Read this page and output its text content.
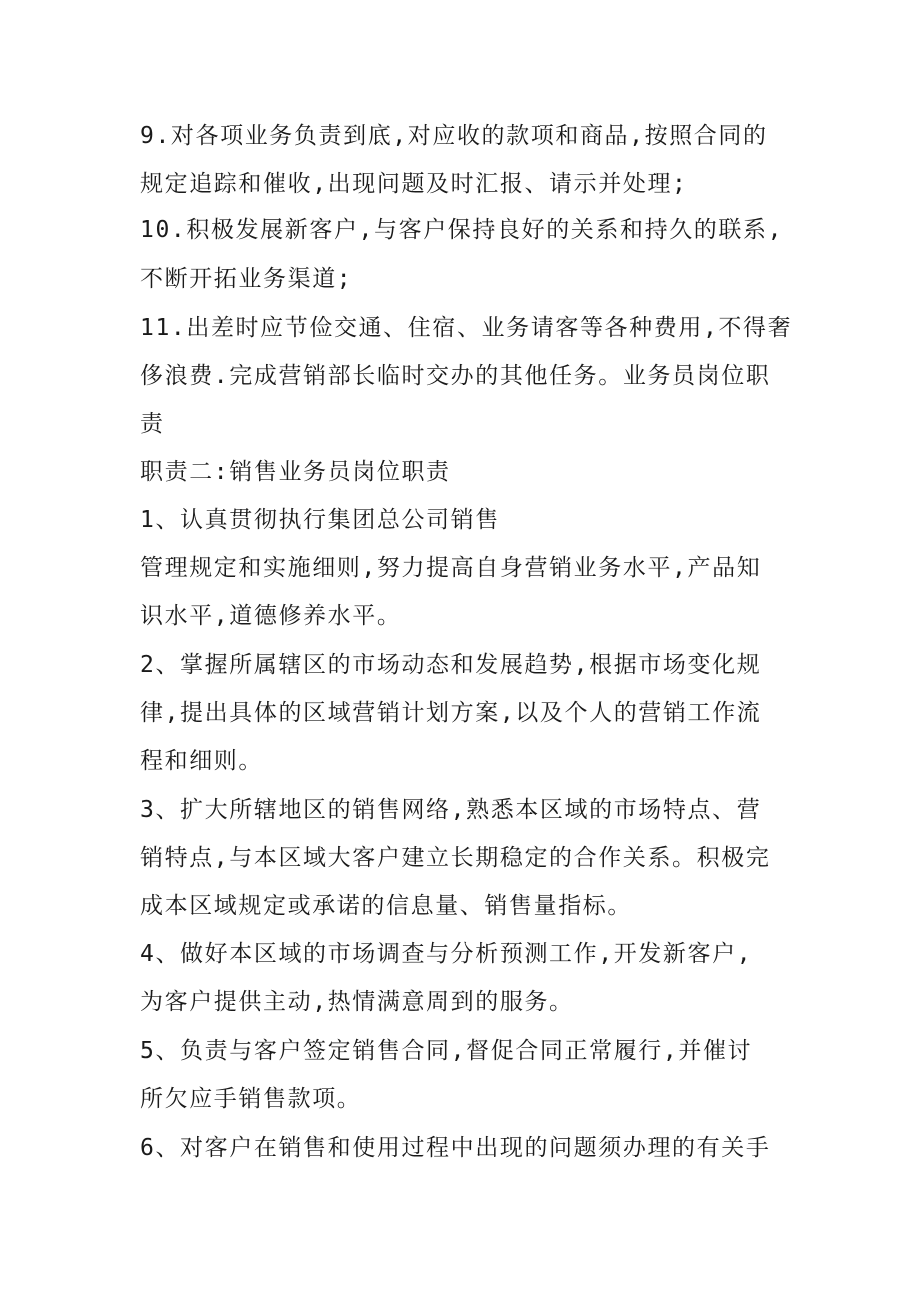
9.对各项业务负责到底,对应收的款项和商品,按照合同的
规定追踪和催收,出现问题及时汇报、请示并处理;
10.积极发展新客户,与客户保持良好的关系和持久的联系,
不断开拓业务渠道;
11.出差时应节俭交通、住宿、业务请客等各种费用,不得奢
侈浪费.完成营销部长临时交办的其他任务。业务员岗位职
责
职责二:销售业务员岗位职责
1、认真贯彻执行集团总公司销售
管理规定和实施细则,努力提高自身营销业务水平,产品知
识水平,道德修养水平。
2、掌握所属辖区的市场动态和发展趋势,根据市场变化规
律,提出具体的区域营销计划方案,以及个人的营销工作流
程和细则。
3、扩大所辖地区的销售网络,熟悉本区域的市场特点、营
销特点,与本区域大客户建立长期稳定的合作关系。积极完
成本区域规定或承诺的信息量、销售量指标。
4、做好本区域的市场调查与分析预测工作,开发新客户,
为客户提供主动,热情满意周到的服务。
5、负责与客户签定销售合同,督促合同正常履行,并催讨
所欠应手销售款项。
6、对客户在销售和使用过程中出现的问题须办理的有关手
